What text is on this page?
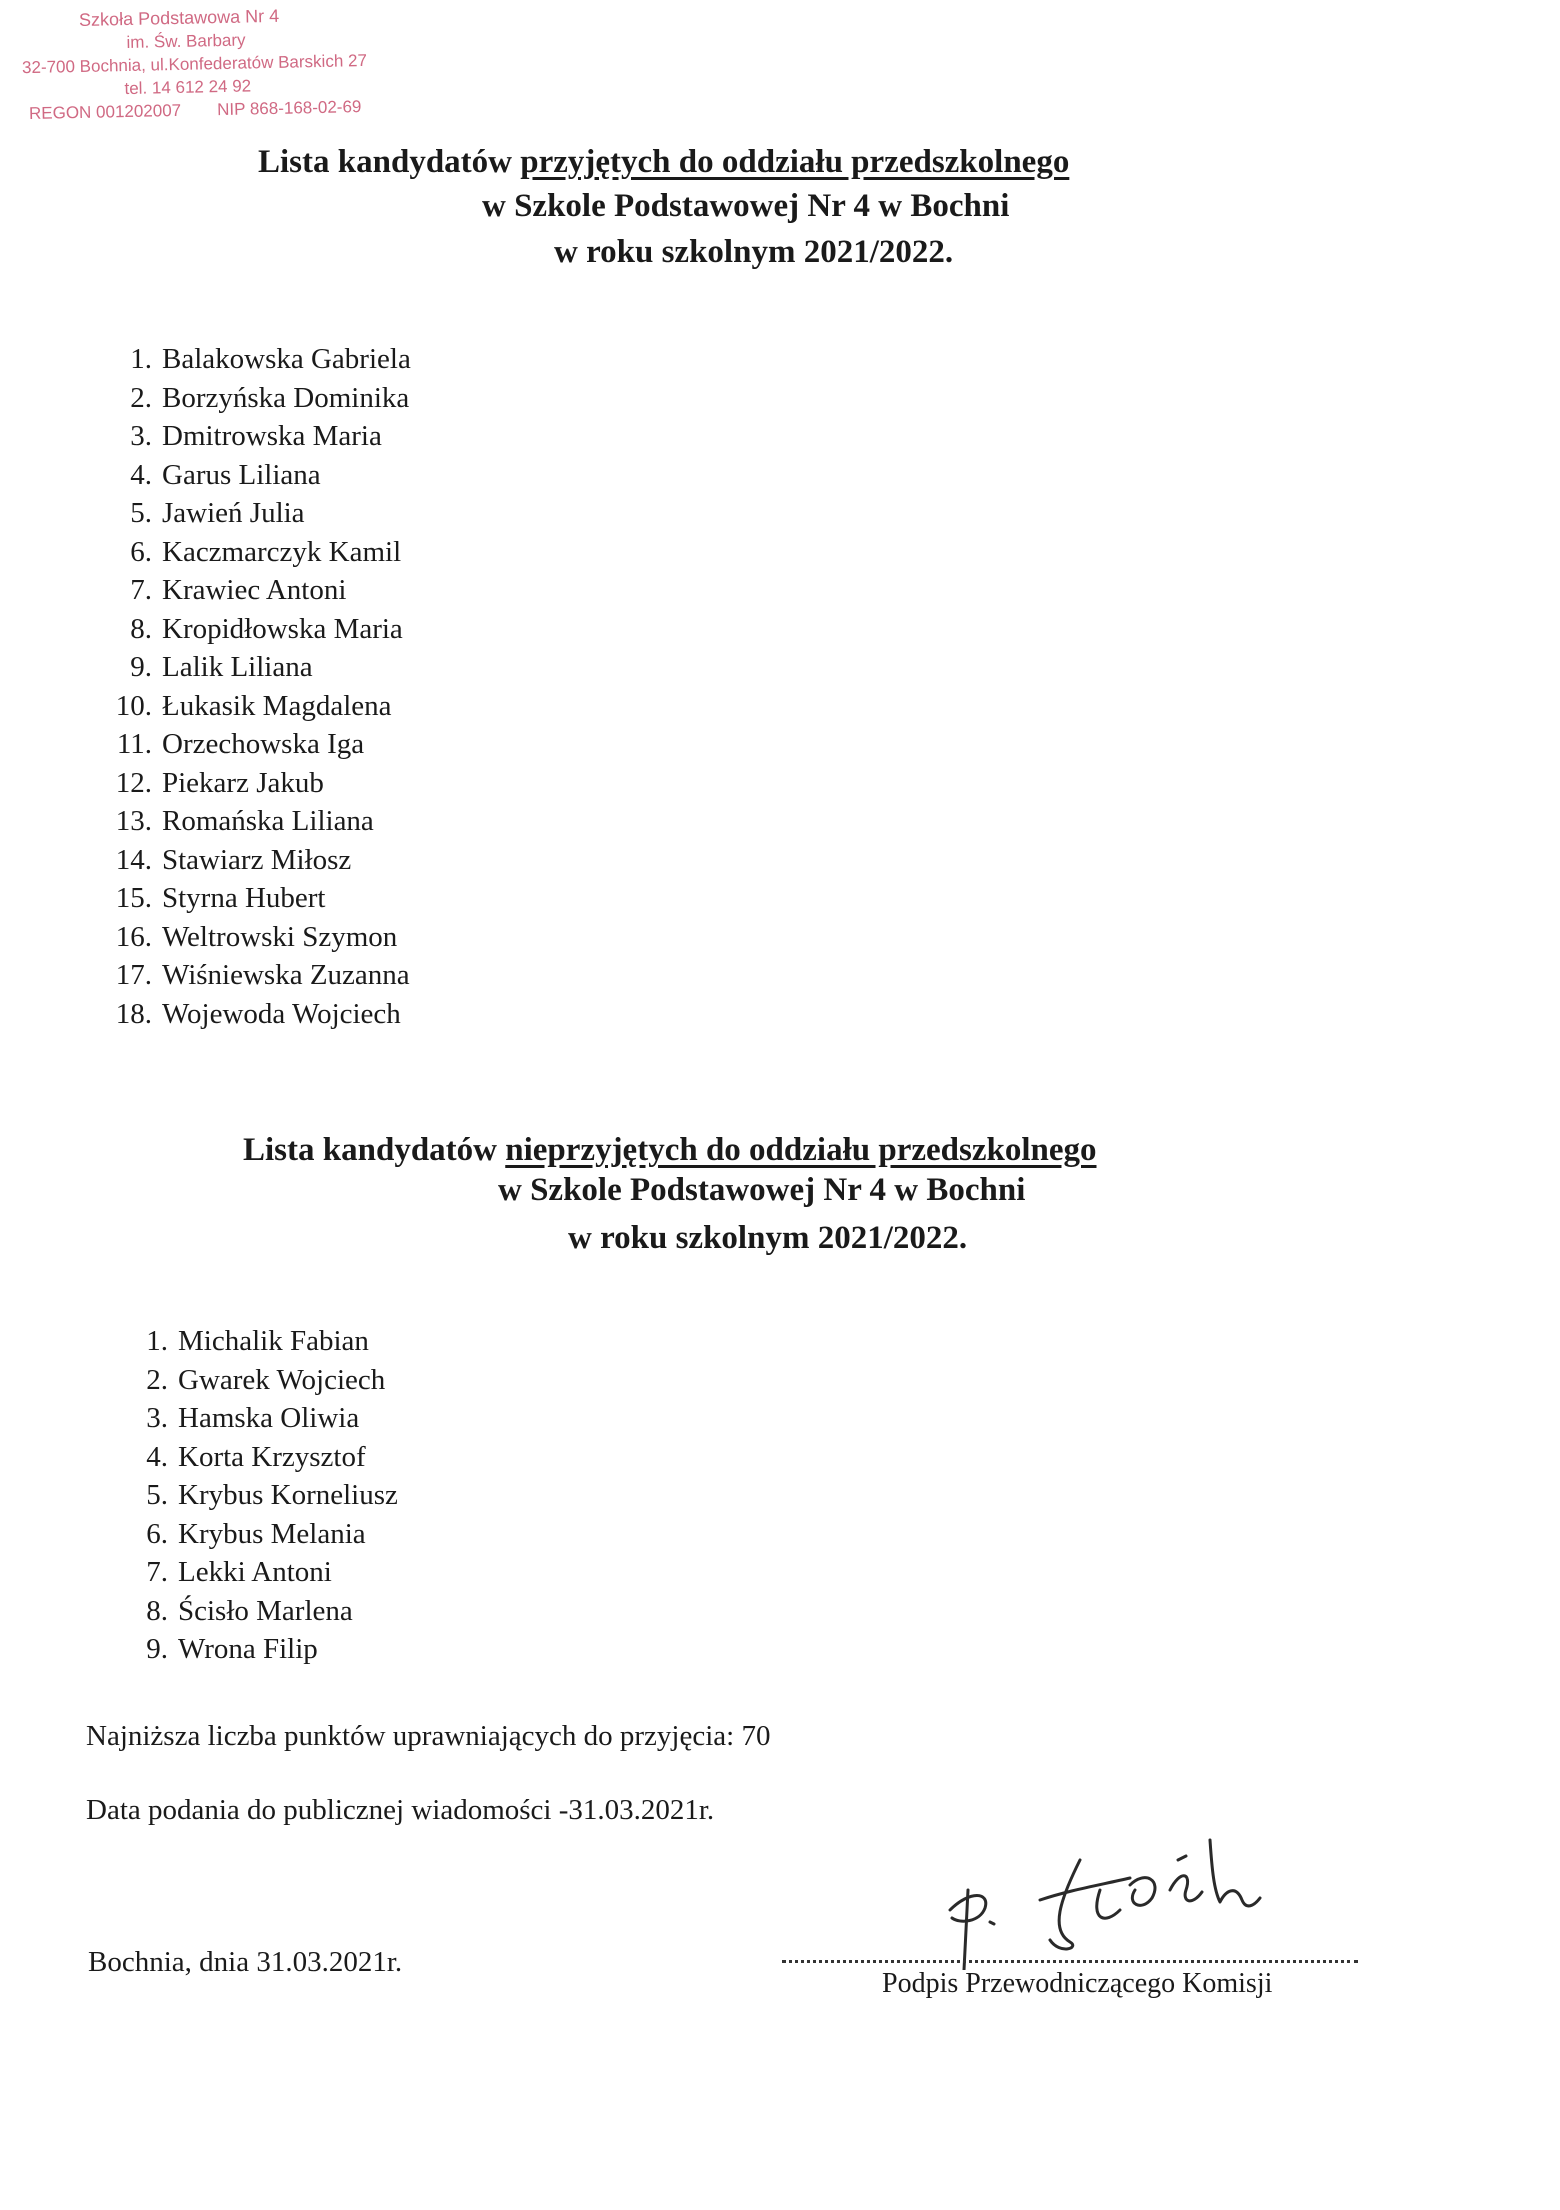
Szkoła Podstawowa Nr 4
im. Św. Barbary
32-700 Bochnia, ul.Konfederatów Barskich 27
tel. 14 612 24 92
REGON 001202007 NIP 868-168-02-69
Lista kandydatów przyjętych do oddziału przedszkolnego
w Szkole Podstawowej Nr 4 w Bochni
w roku szkolnym 2021/2022.
1. Balakowska Gabriela
2. Borzyńska Dominika
3. Dmitrowska Maria
4. Garus Liliana
5. Jawień Julia
6. Kaczmarczyk Kamil
7. Krawiec Antoni
8. Kropidłowska Maria
9. Lalik Liliana
10. Łukasik Magdalena
11. Orzechowska Iga
12. Piekarz Jakub
13. Romańska Liliana
14. Stawiarz Miłosz
15. Styrna Hubert
16. Weltrowski Szymon
17. Wiśniewska Zuzanna
18. Wojewoda Wojciech
Lista kandydatów nieprzyjętych do oddziału przedszkolnego
w Szkole Podstawowej Nr 4 w Bochni
w roku szkolnym 2021/2022.
1. Michalik Fabian
2. Gwarek Wojciech
3. Hamska Oliwia
4. Korta Krzysztof
5. Krybus Korneliusz
6. Krybus Melania
7. Lekki Antoni
8. Ścisło Marlena
9. Wrona Filip
Najniższa liczba punktów uprawniających do przyjęcia: 70
Data podania do publicznej wiadomości -31.03.2021r.
Bochnia, dnia 31.03.2021r.
Podpis Przewodniczącego Komisji
